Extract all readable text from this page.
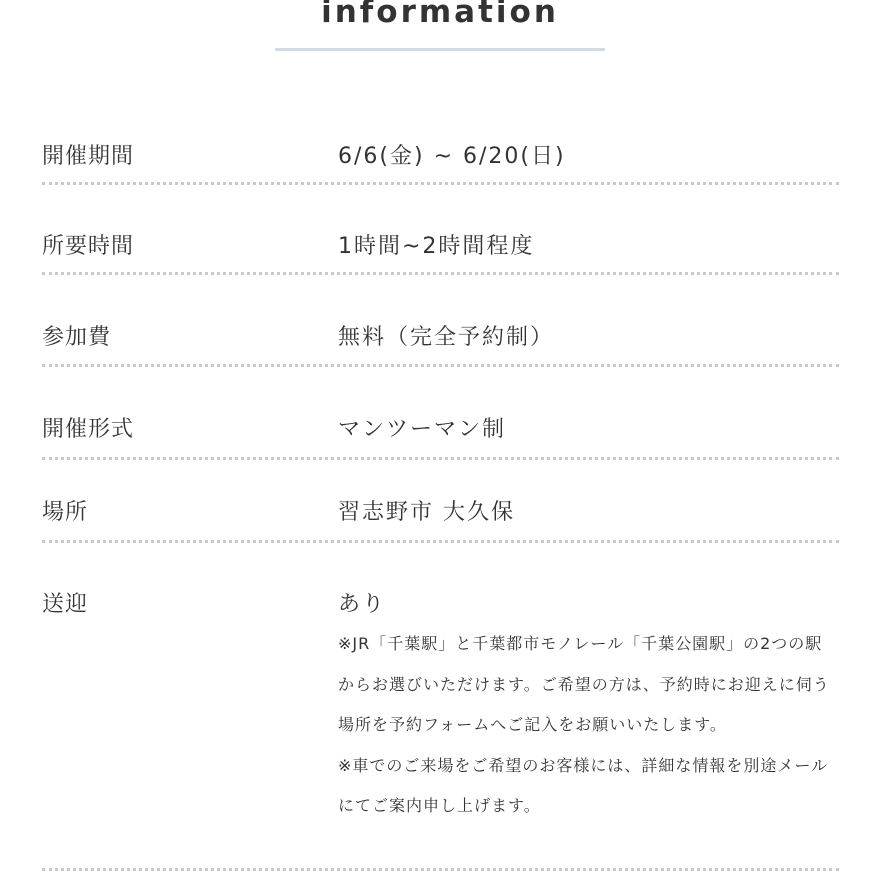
information
開催期間	6/6(金) ~ 6/20(日)
所要時間	1時間~2時間程度
参加費	無料（完全予約制）
開催形式	マンツーマン制
場所	習志野市 大久保
送迎	あり

※JR「千葉駅」と千葉都市モノレール「千葉公園駅」の2つの駅からお選びいただけます。ご希望の方は、予約時にお迎えに伺う場所を予約フォームへご記入をお願いいたします。

※車でのご来場をご希望のお客様には、詳細な情報を別途メールにてご案内申し上げます。
